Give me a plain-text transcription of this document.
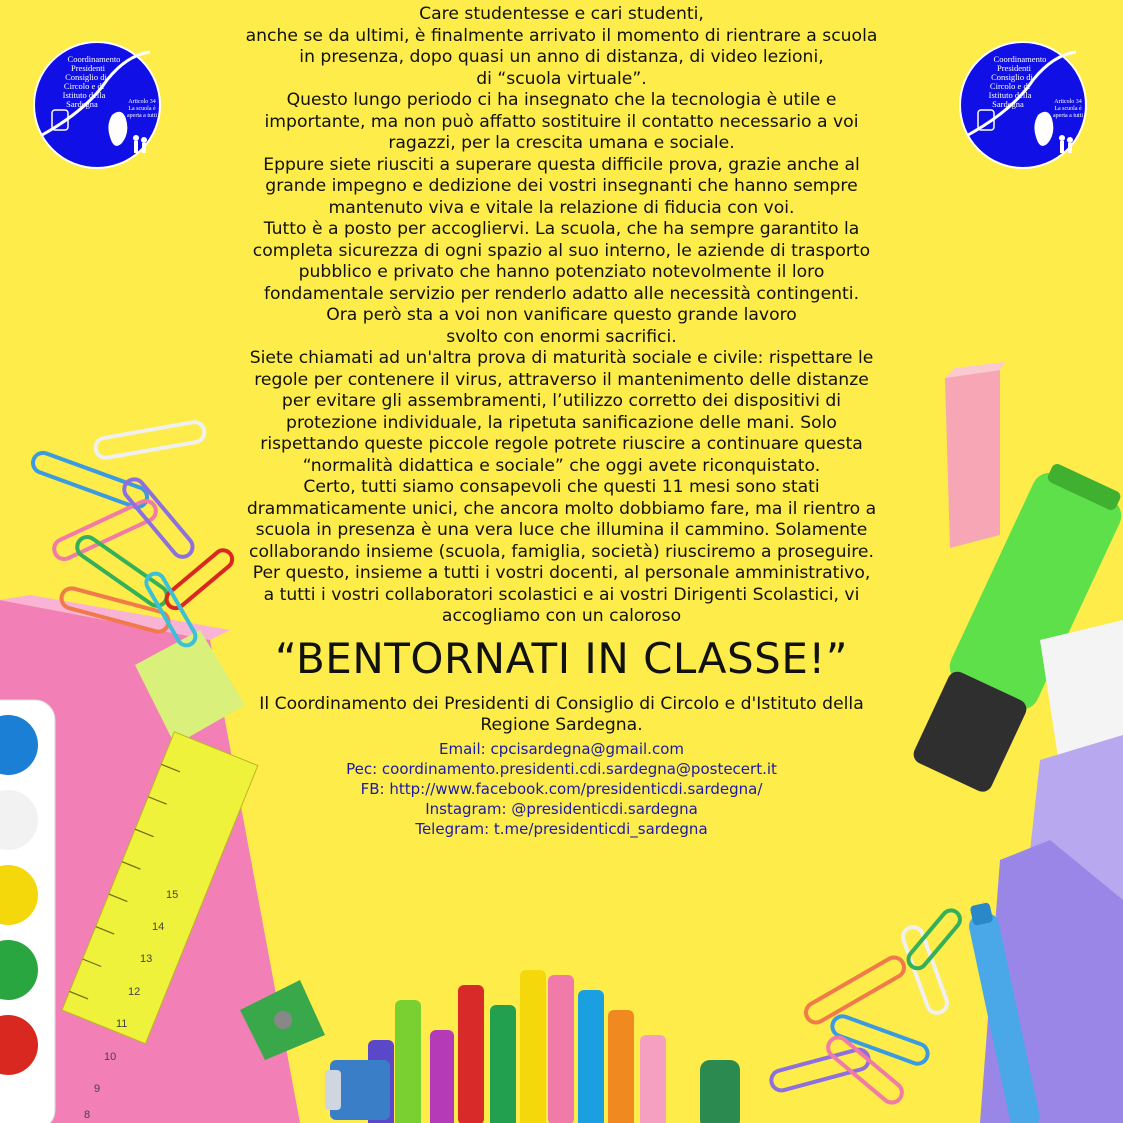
15
14
13
12
11
10
9
8
Coordinamento
Presidenti
Consiglio di
Circolo e di
Istituto della
Sardegna	Articolo 34
La scuola è
aperta a tutti
Coordinamento
Presidenti
Consiglio di
Circolo e di
Istituto della
Sardegna	Articolo 34
La scuola è
aperta a tutti

Care studentesse e cari studenti,
anche se da ultimi, è finalmente arrivato il momento di rientrare a scuola
in presenza, dopo quasi un anno di distanza, di video lezioni,
di “scuola virtuale”.
Questo lungo periodo ci ha insegnato che la tecnologia è utile e
importante, ma non può affatto sostituire il contatto necessario a voi
ragazzi, per la crescita umana e sociale.
Eppure siete riusciti a superare questa difficile prova, grazie anche al
grande impegno e dedizione dei vostri insegnanti che hanno sempre
mantenuto viva e vitale la relazione di fiducia con voi.
Tutto è a posto per accogliervi. La scuola, che ha sempre garantito la
completa sicurezza di ogni spazio al suo interno, le aziende di trasporto
pubblico e privato che hanno potenziato notevolmente il loro
fondamentale servizio per renderlo adatto alle necessità contingenti.
Ora però sta a voi non vanificare questo grande lavoro
svolto con enormi sacrifici.
Siete chiamati ad un'altra prova di maturità sociale e civile: rispettare le
regole per contenere il virus, attraverso il mantenimento delle distanze
per evitare gli assembramenti, l’utilizzo corretto dei dispositivi di
protezione individuale, la ripetuta sanificazione delle mani. Solo
rispettando queste piccole regole potrete riuscire a continuare questa
“normalità didattica e sociale” che oggi avete riconquistato.
Certo, tutti siamo consapevoli che questi 11 mesi sono stati
drammaticamente unici, che ancora molto dobbiamo fare, ma il rientro a
scuola in presenza è una vera luce che illumina il cammino. Solamente
collaborando insieme (scuola, famiglia, società) riusciremo a proseguire.
Per questo, insieme a tutti i vostri docenti, al personale amministrativo,
a tutti i vostri collaboratori scolastici e ai vostri Dirigenti Scolastici, vi
accogliamo con un caloroso

“BENTORNATI IN CLASSE!”

Il Coordinamento dei Presidenti di Consiglio di Circolo e d'Istituto della
Regione Sardegna.

Email: cpcisardegna@gmail.com
Pec: coordinamento.presidenti.cdi.sardegna@postecert.it
FB: http://www.facebook.com/presidenticdi.sardegna/
Instagram: @presidenticdi.sardegna
Telegram: t.me/presidenticdi_sardegna
